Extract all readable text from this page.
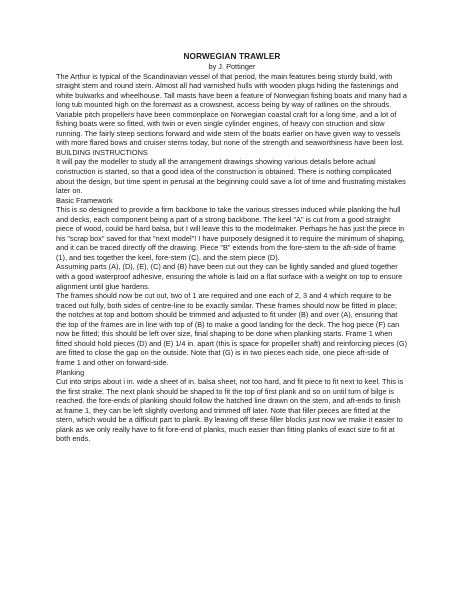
NORWEGIAN TRAWLER

by J. Pottinger

The Arthur is typical of the Scandinavian vessel of that period, the main features being sturdy build, with straight stem and round stern. Almost all had varnished hulls with wooden plugs hiding the fastenings and white bulwarks and wheelhouse. Tall masts have been a feature of Norwegian fishing boats and many had a long tub mounted high on the foremast as a crowsnest, access being by way of ratlines on the shrouds. Variable pitch propellers have been commonplace on Norwegian coastal craft for a long time, and a lot of fishing boats were so fitted, with twin or even single cylinder engines, of heavy con struction and slow running. The fairly steep sections forward and wide stern of the boats earlier on have given way to vessels with more flared bows and cruiser sterns today, but none of the strength and seaworthiness have been lost.

BUILDING INSTRUCTIONS

It will pay the modeller to study all the arrangement drawings showing various details before actual construction is started, so that a good idea of the construction is obtained. There is nothing complicated about the design, but time spent in perusal at the beginning could save a lot of time and frustrating mistakes later on.

Basic Framework

This is so designed to provide a firm backbone to take the various stresses induced while planking the hull and decks, each component being a part of a strong backbone. The keel "A" is cut from a good straight piece of wood, could be hard balsa, but I will leave this to the modelmaker. Perhaps he has just the piece in his "scrap box" saved for that "next model"! I have purposely designed it to require the minimum of shaping, and it can be traced directly off the drawing. Piece "B" extends from the fore-stem to the aft-side of frame (1), and ties together the keel, fore-stem (C), and the stern piece (D).

Assuming parts (A), (D), (E), (C) and (B) have been cut out they can be lightly sanded and glued together with a good waterproof adhesive, ensuring the whole is laid on a flat surface with a weight on top to ensure alignment until glue hardens.

The frames should now be cut out, two of 1 are required and one each of 2, 3 and 4 which require to be traced out fully, both sides of centre-line to be exactly similar. These frames should now be fitted in place; the notches at top and bottom should be trimmed and adjusted to fit under (B) and over (A), ensuring that the top of the frames are in line with top of (B) to make a good landing for the deck. The hog piece (F) can now be fitted; this should be left over size, final shaping to be done when planking starts. Frame 1 when fitted should hold pieces (D) and (E) 1/4 in. apart (this is space for propeller shaft) and reinforcing pieces (G) are fitted to close the gap on the outside. Note that (G) is in two pieces each side, one piece aft-side of frame 1 and other on forward-side.

Planking

Cut into strips about i in. wide a sheet of in. balsa sheet, not too hard, and fit piece to fit next to keel. This is the first strake. The next plank should be shaped to fit the top of first plank and so on until turn of bilge is reached. the fore-ends of planking should follow the hatched line drawn on the stem, and aft-ends to finish at frame 1, they can be left slightly overlong and trimmed off later. Note that filler pieces are fitted at the stern, which would be a difficult part to plank. By leaving off these filler blocks just now we make it easier to plank as we only really have to fit fore-end of planks, much easier than fitting planks of exact size to fit at both ends.
